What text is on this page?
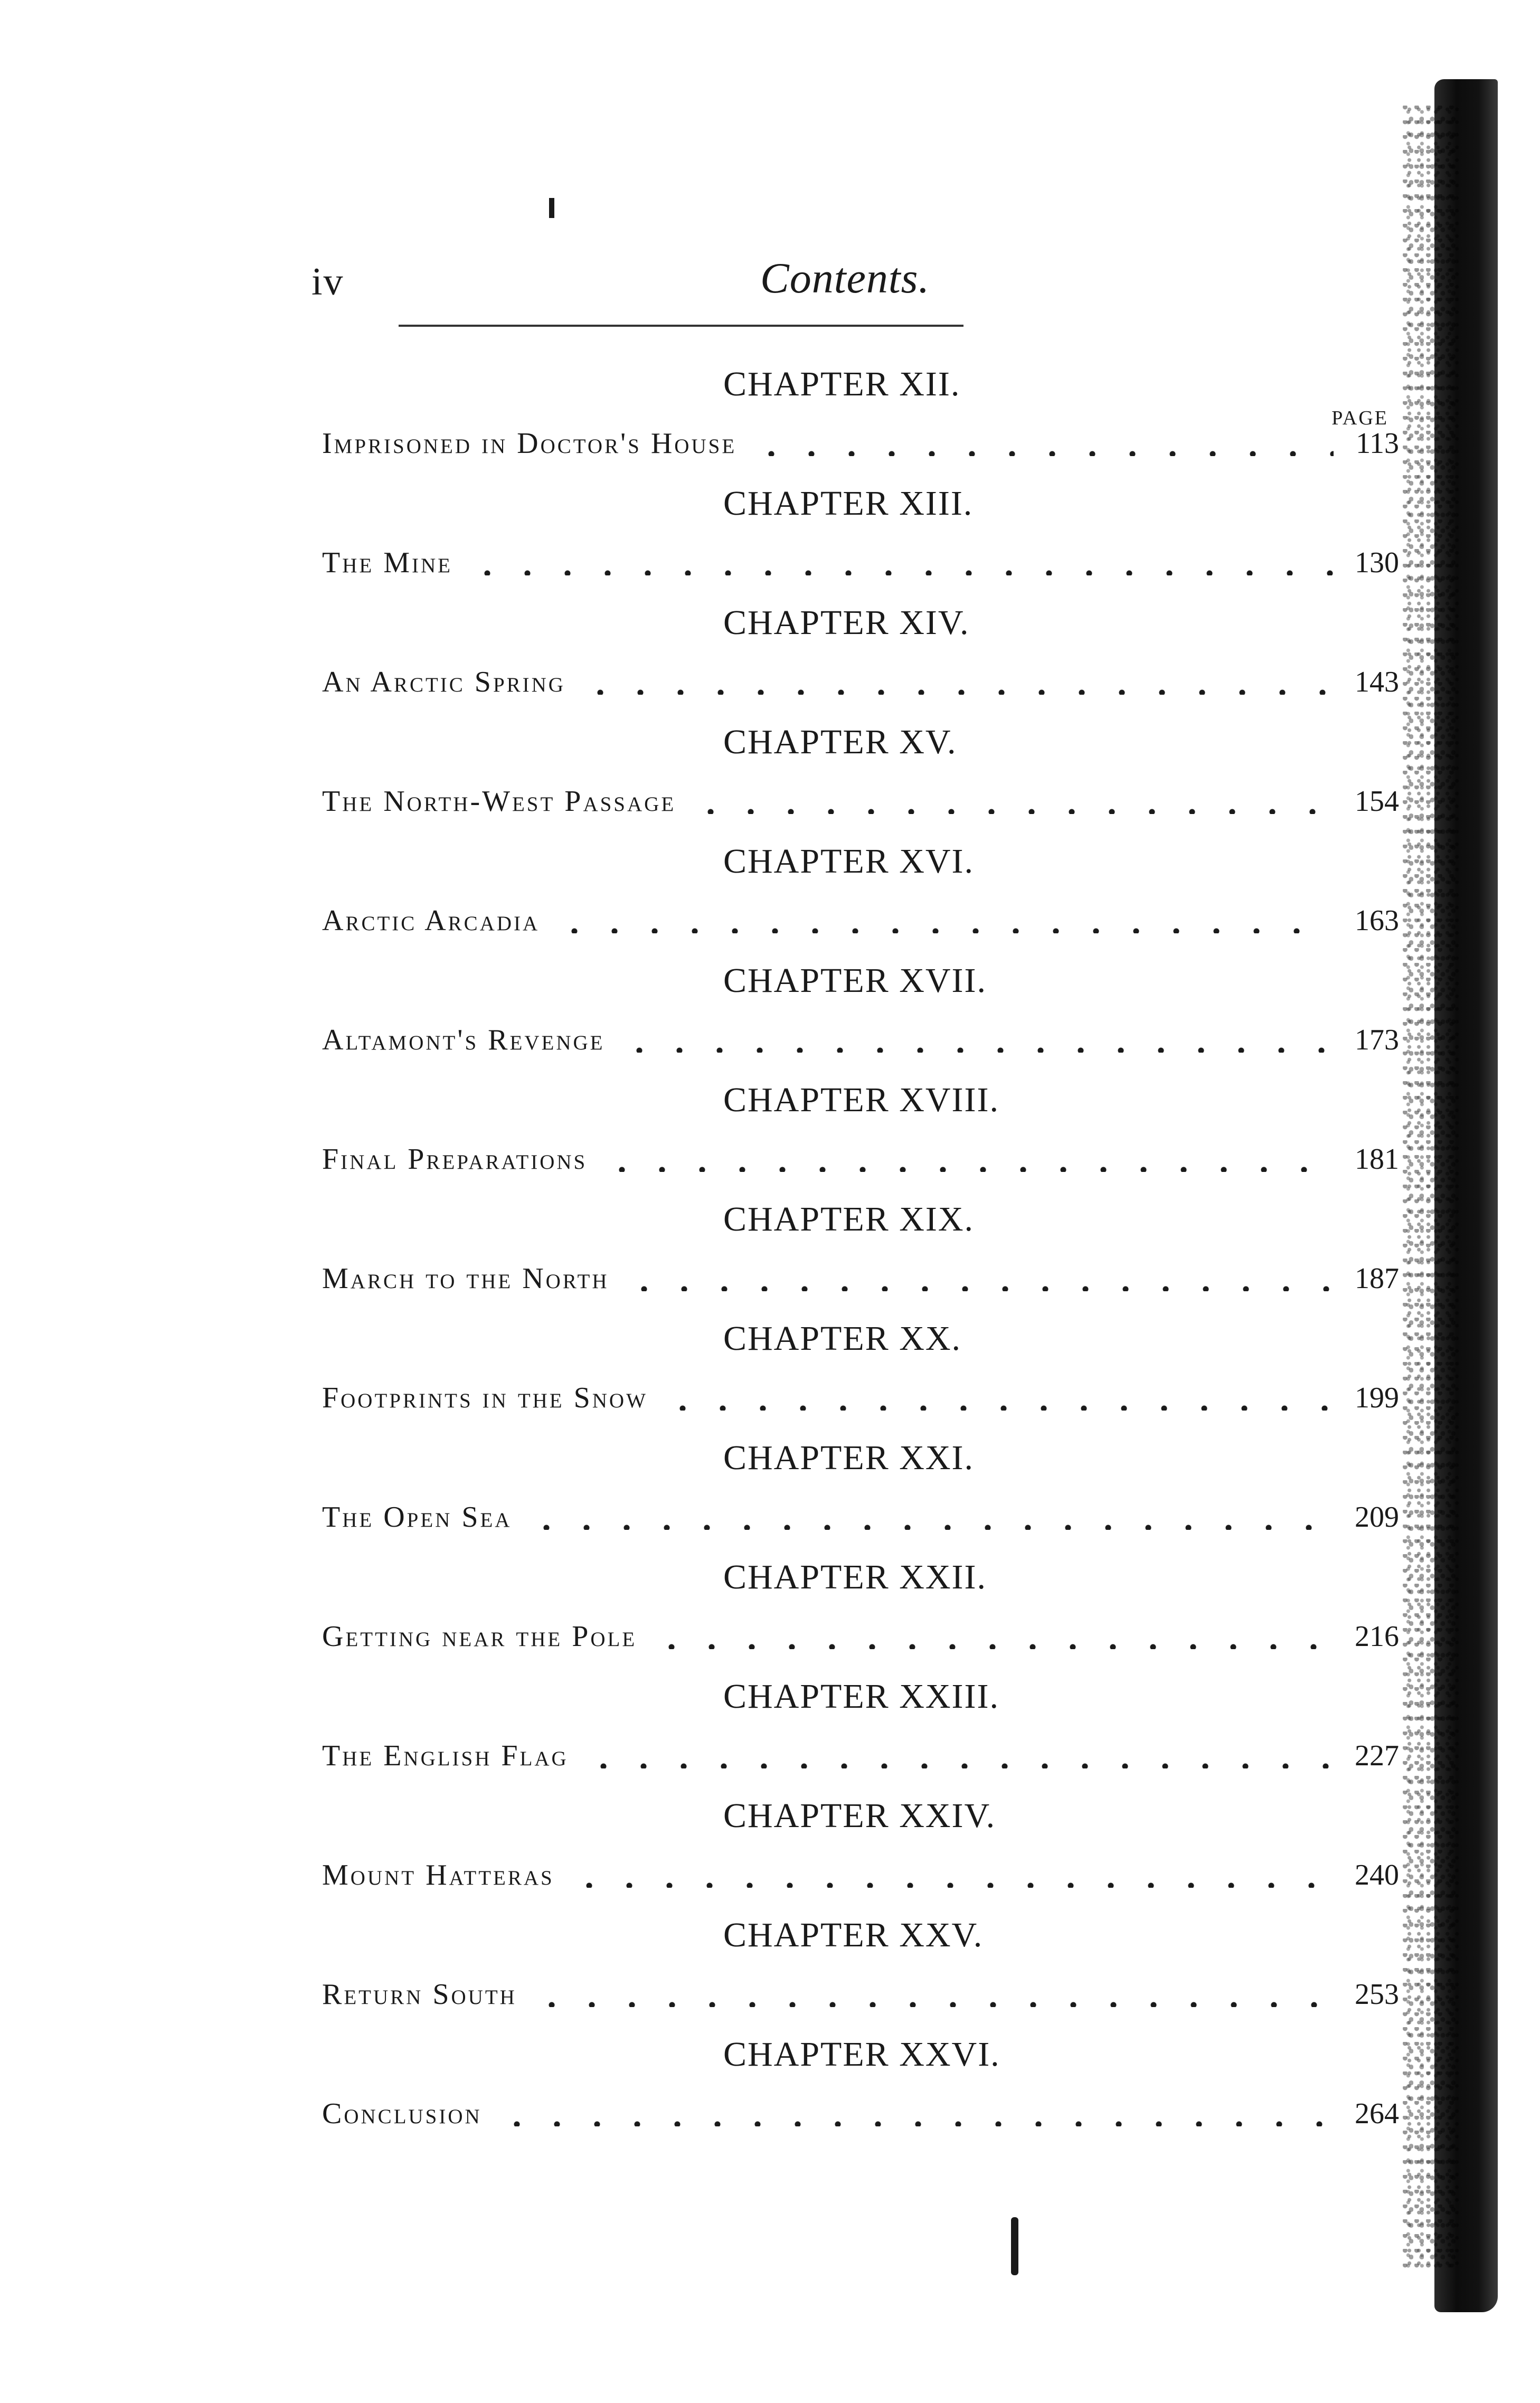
iv	Contents.
PAGE
CHAPTER XII.
Imprisoned in Doctor's House	113
CHAPTER XIII.
The Mine	130
CHAPTER XIV.
An Arctic Spring	143
CHAPTER XV.
The North-West Passage	154
CHAPTER XVI.
Arctic Arcadia	163
CHAPTER XVII.
Altamont's Revenge	173
CHAPTER XVIII.
Final Preparations	181
CHAPTER XIX.
March to the North	187
CHAPTER XX.
Footprints in the Snow	199
CHAPTER XXI.
The Open Sea	209
CHAPTER XXII.
Getting near the Pole	216
CHAPTER XXIII.
The English Flag	227
CHAPTER XXIV.
Mount Hatteras	240
CHAPTER XXV.
Return South	253
CHAPTER XXVI.
Conclusion	264
